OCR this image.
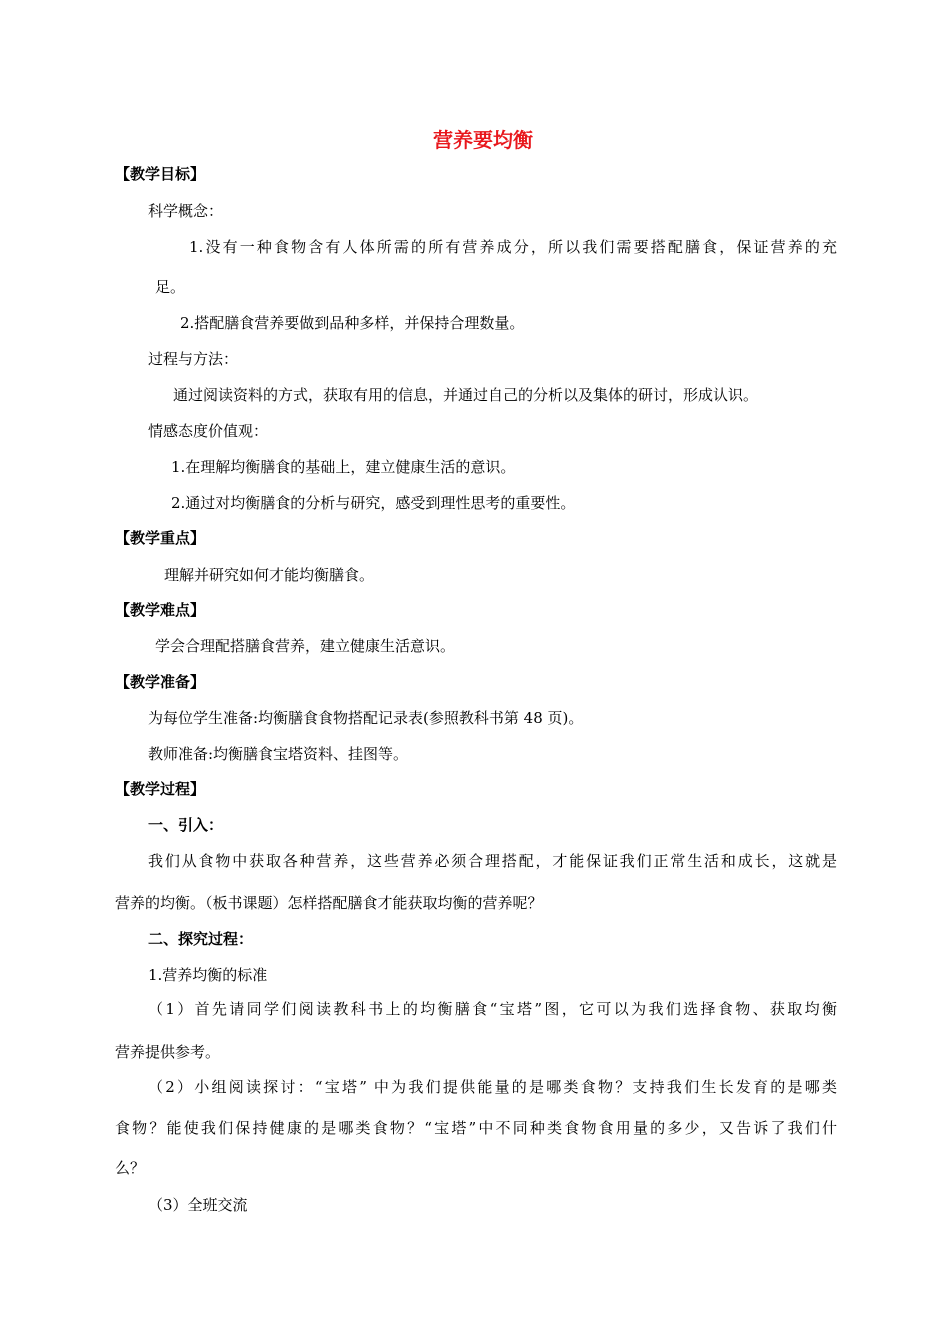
营养要均衡
【教学目标】
科学概念：
1.没有一种食物含有人体所需的所有营养成分，所以我们需要搭配膳食，保证营养的充
足。
2.搭配膳食营养要做到品种多样，并保持合理数量。
过程与方法：
通过阅读资料的方式，获取有用的信息，并通过自己的分析以及集体的研讨，形成认识。
情感态度价值观：
1.在理解均衡膳食的基础上，建立健康生活的意识。
2.通过对均衡膳食的分析与研究，感受到理性思考的重要性。
【教学重点】
理解并研究如何才能均衡膳食。
【教学难点】
学会合理配搭膳食营养，建立健康生活意识。
【教学准备】
为每位学生准备:均衡膳食食物搭配记录表(参照教科书第 48 页)。
教师准备:均衡膳食宝塔资料、挂图等。
【教学过程】
一、引入：
我们从食物中获取各种营养，这些营养必须合理搭配，才能保证我们正常生活和成长，这就是
营养的均衡。（板书课题）怎样搭配膳食才能获取均衡的营养呢？
二、探究过程：
1.营养均衡的标准
（1）首先请同学们阅读教科书上的均衡膳食“宝塔”图，它可以为我们选择食物、获取均衡
营养提供参考。
（2）小组阅读探讨：“宝塔” 中为我们提供能量的是哪类食物？支持我们生长发育的是哪类
食物？能使我们保持健康的是哪类食物？“宝塔”中不同种类食物食用量的多少，又告诉了我们什
么？
（3）全班交流
